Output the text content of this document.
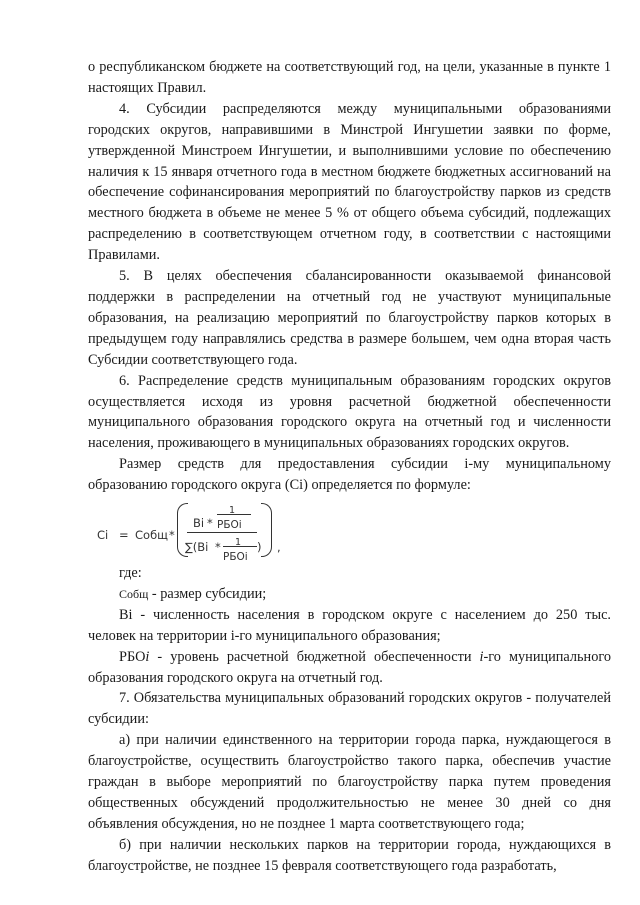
о республиканском бюджете на соответствующий год, на цели, указанные в пункте 1 настоящих Правил.

4. Субсидии распределяются между муниципальными образованиями городских округов, направившими в Минстрой Ингушетии заявки по форме, утвержденной Минстроем Ингушетии, и выполнившими условие по обеспечению наличия к 15 января отчетного года в местном бюджете бюджетных ассигнований на обеспечение софинансирования мероприятий по благоустройству парков из средств местного бюджета в объеме не менее 5 % от общего объема субсидий, подлежащих распределению в соответствующем отчетном году, в соответствии с настоящими Правилами.

5. В целях обеспечения сбалансированности оказываемой финансовой поддержки в распределении на отчетный год не участвуют муниципальные образования, на реализацию мероприятий по благоустройству парков которых в предыдущем году направлялись средства в размере большем, чем одна вторая часть Субсидии соответствующего года.

6. Распределение средств муниципальным образованиям городских округов осуществляется исходя из уровня расчетной бюджетной обеспеченности муниципального образования городского округа на отчетный год и численности населения, проживающего в муниципальных образованиях городских округов.

Размер средств для предоставления субсидии i-му муниципальному образованию городского округа (Сi) определяется по формуле:

Ci = Собщ *
Bi *
1
РБОi
∑(Bi * 1
РБОi
) ,

где:

Собщ - размер субсидии;

Вi - численность населения в городском округе с населением до 250 тыс. человек на территории i-го муниципального образования;

РБОi - уровень расчетной бюджетной обеспеченности i-го муниципального образования городского округа на отчетный год.

7. Обязательства муниципальных образований городских округов - получателей субсидии:

а) при наличии единственного на территории города парка, нуждающегося в благоустройстве, осуществить благоустройство такого парка, обеспечив участие граждан в выборе мероприятий по благоустройству парка путем проведения общественных обсуждений продолжительностью не менее 30 дней со дня объявления обсуждения, но не позднее 1 марта соответствующего года;

б) при наличии нескольких парков на территории города, нуждающихся в благоустройстве, не позднее 15 февраля соответствующего года разработать,
